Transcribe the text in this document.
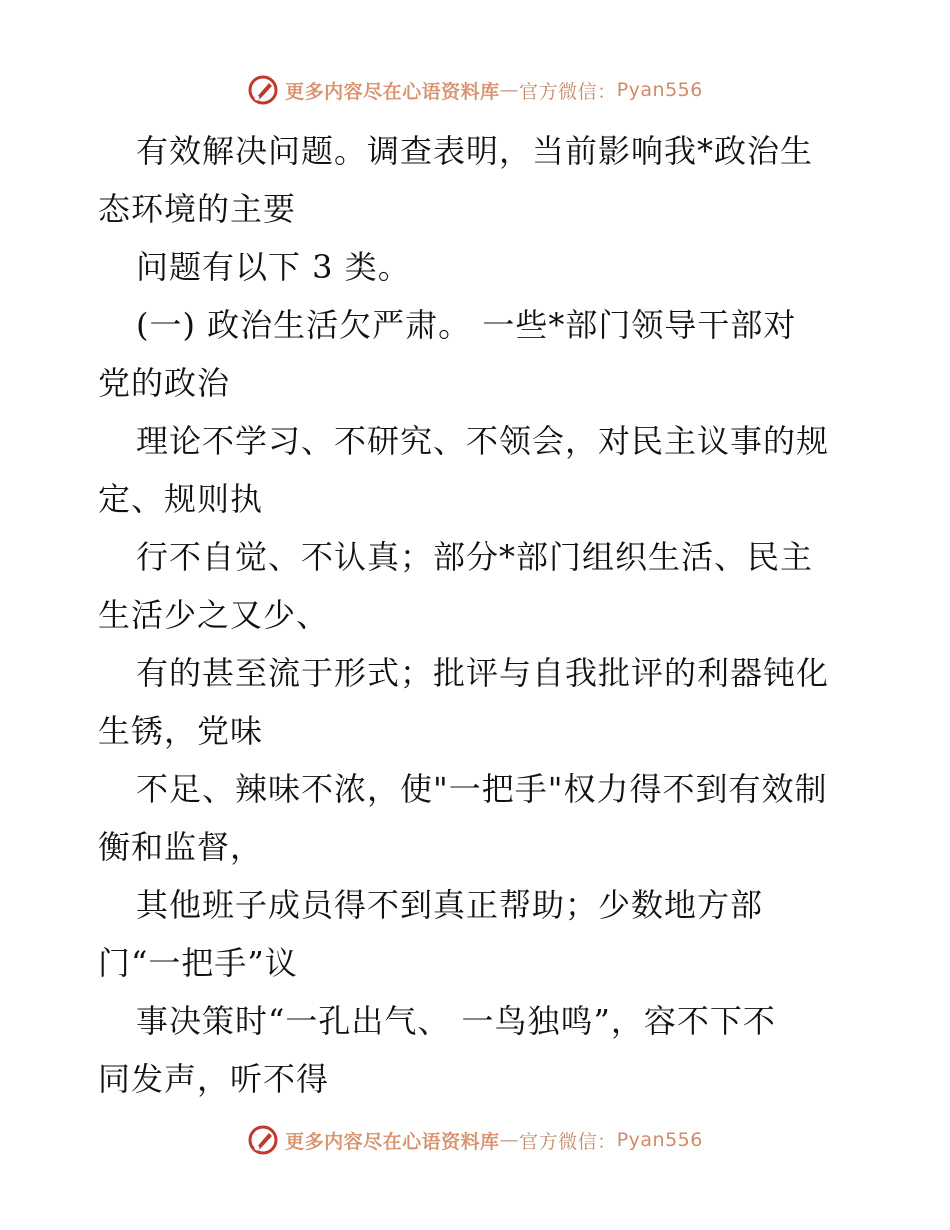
更多内容尽在心语资料库 — 官方微信： Pyan556
有效解决问题。调查表明，当前影响我*政治生
态环境的主要
问题有以下 3 类。
(一) 政治生活欠严肃。 一些*部门领导干部对
党的政治
理论不学习、不研究、不领会，对民主议事的规
定、规则执
行不自觉、不认真；部分*部门组织生活、民主
生活少之又少、
有的甚至流于形式；批评与自我批评的利器钝化
生锈，党味
不足、辣味不浓，使"一把手"权力得不到有效制
衡和监督，
其他班子成员得不到真正帮助；少数地方部
门“一把手”议
事决策时“一孔出气、 一鸟独鸣”，容不下不
同发声，听不得
更多内容尽在心语资料库 — 官方微信： Pyan556
